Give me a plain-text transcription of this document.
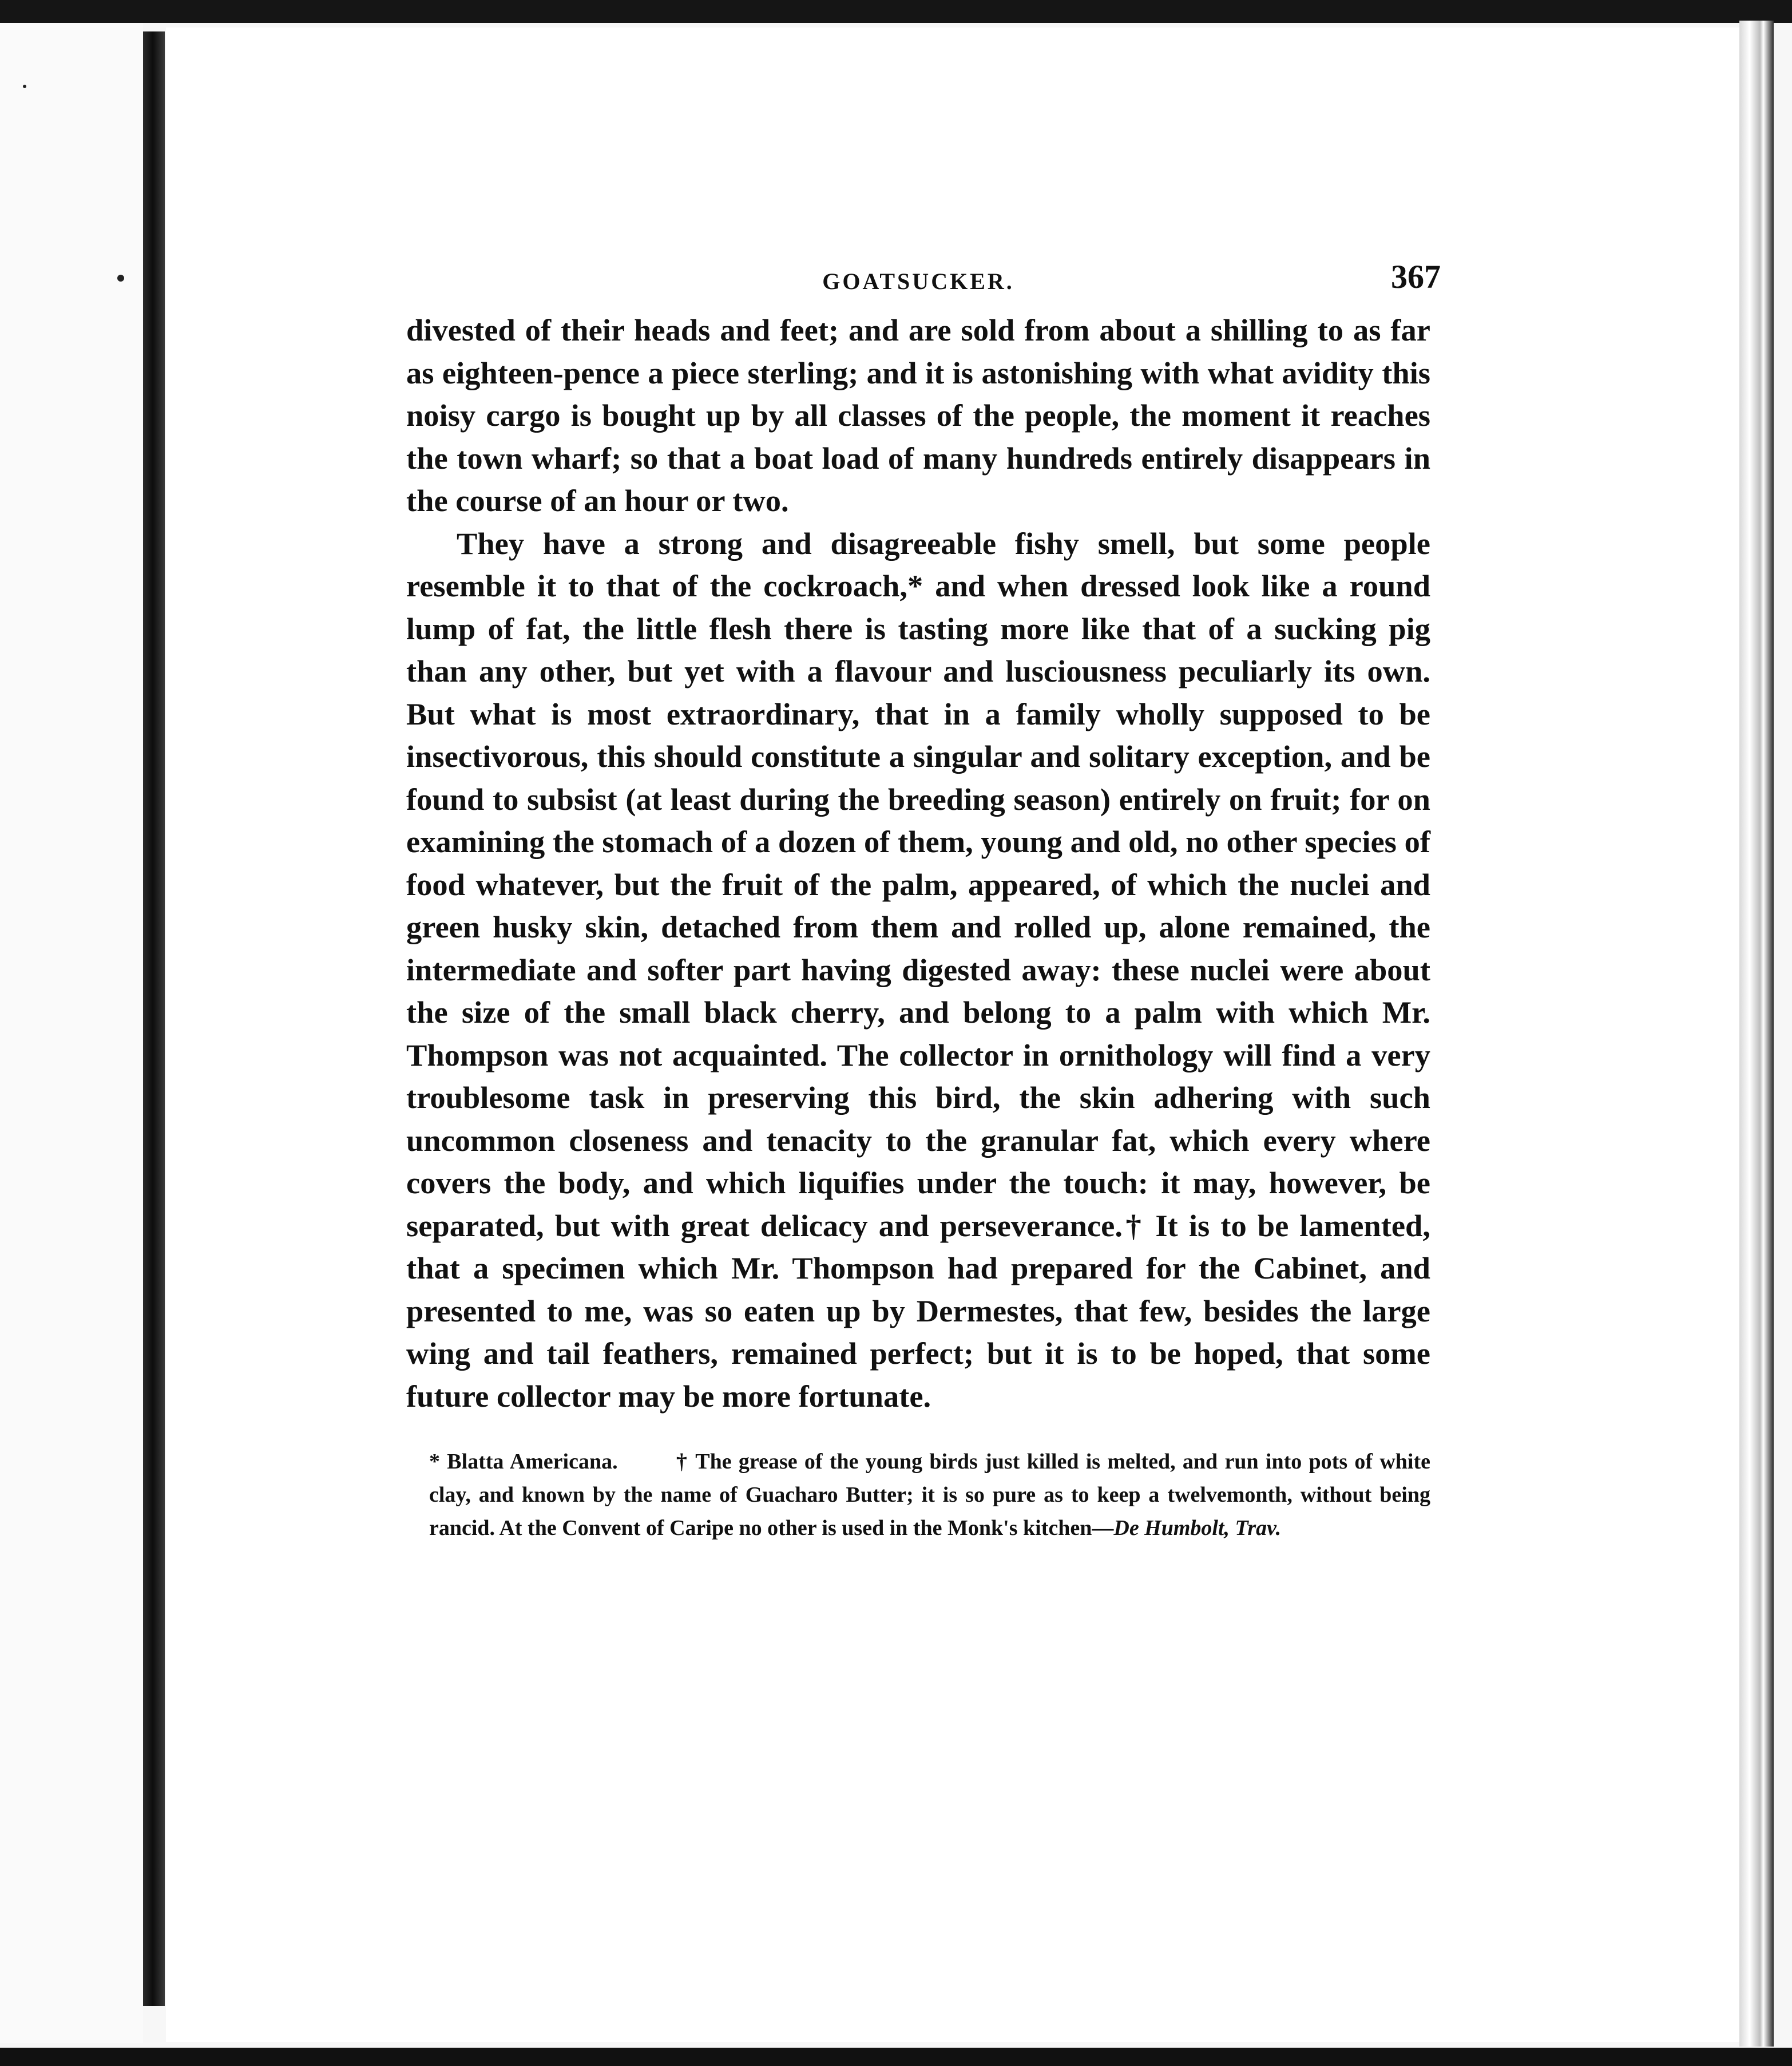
GOATSUCKER.	367

divested of their heads and feet; and are sold from about a shilling to as far as eighteen-pence a piece sterling; and it is astonishing with what avidity this noisy cargo is bought up by all classes of the people, the moment it reaches the town wharf; so that a boat load of many hundreds entirely disappears in the course of an hour or two.

They have a strong and disagreeable fishy smell, but some people resemble it to that of the cockroach,* and when dressed look like a round lump of fat, the little flesh there is tasting more like that of a sucking pig than any other, but yet with a flavour and lusciousness peculiarly its own. But what is most extraordinary, that in a family wholly supposed to be insectivorous, this should constitute a singular and solitary exception, and be found to subsist (at least during the breeding season) entirely on fruit; for on examining the stomach of a dozen of them, young and old, no other species of food whatever, but the fruit of the palm, appeared, of which the nuclei and green husky skin, detached from them and rolled up, alone remained, the intermediate and softer part having digested away: these nuclei were about the size of the small black cherry, and belong to a palm with which Mr. Thompson was not acquainted. The collector in ornithology will find a very troublesome task in preserving this bird, the skin adhering with such uncommon closeness and tenacity to the granular fat, which every where covers the body, and which liquifies under the touch: it may, however, be separated, but with great delicacy and perseverance.† It is to be lamented, that a specimen which Mr. Thompson had prepared for the Cabinet, and presented to me, was so eaten up by Dermestes, that few, besides the large wing and tail feathers, remained perfect; but it is to be hoped, that some future collector may be more fortunate.

* Blatta Americana.	† The grease of the young birds just killed is melted, and run into pots of white clay, and known by the name of Guacharo Butter; it is so pure as to keep a twelvemonth, without being rancid. At the Convent of Caripe no other is used in the Monk's kitchen—De Humbolt, Trav.
